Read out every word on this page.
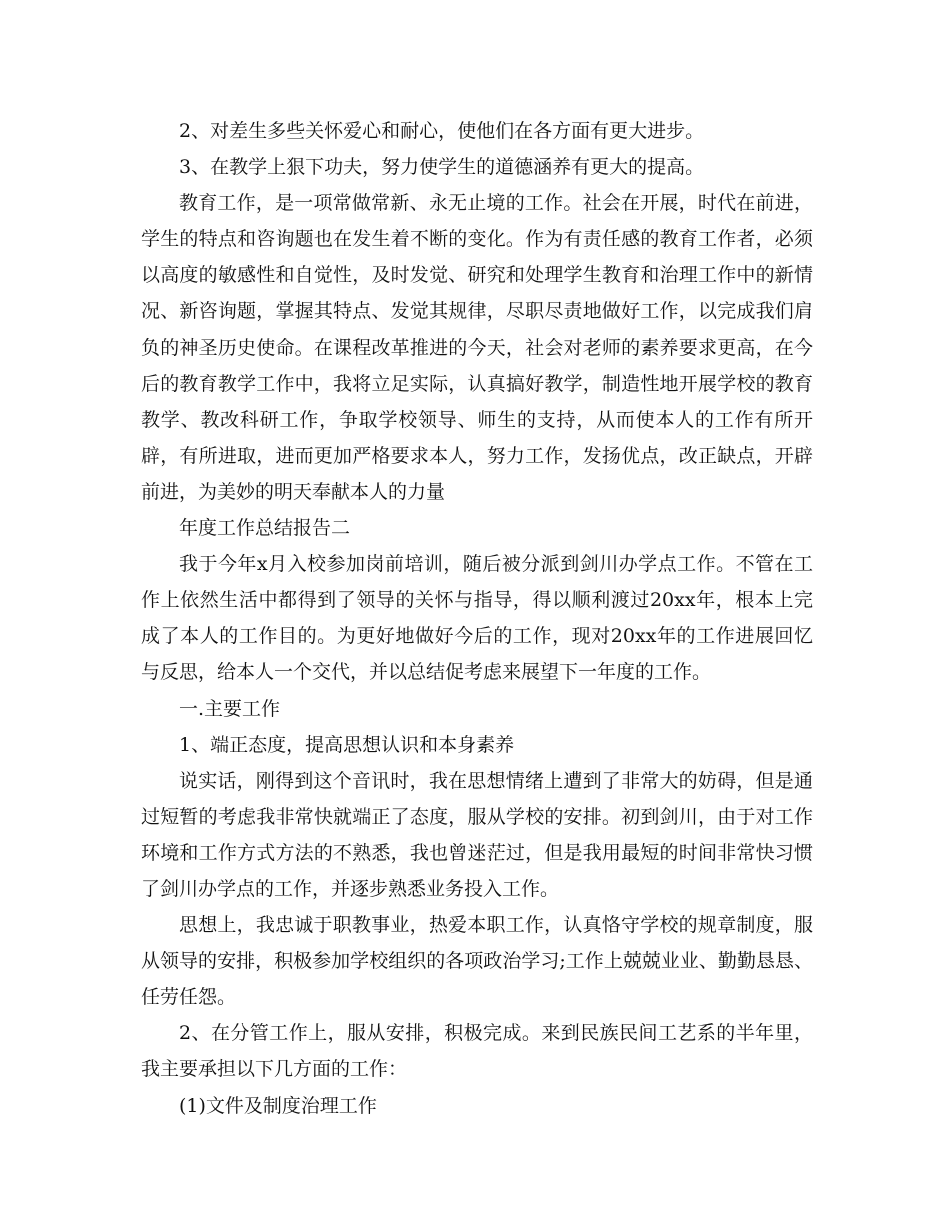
2、对差生多些关怀爱心和耐心，使他们在各方面有更大进步。

3、在教学上狠下功夫，努力使学生的道德涵养有更大的提高。

教育工作，是一项常做常新、永无止境的工作。社会在开展，时代在前进，学生的特点和咨询题也在发生着不断的变化。作为有责任感的教育工作者，必须以高度的敏感性和自觉性，及时发觉、研究和处理学生教育和治理工作中的新情况、新咨询题，掌握其特点、发觉其规律，尽职尽责地做好工作，以完成我们肩负的神圣历史使命。在课程改革推进的今天，社会对老师的素养要求更高，在今后的教育教学工作中，我将立足实际，认真搞好教学，制造性地开展学校的教育教学、教改科研工作，争取学校领导、师生的支持，从而使本人的工作有所开辟，有所进取，进而更加严格要求本人，努力工作，发扬优点，改正缺点，开辟前进，为美妙的明天奉献本人的力量

年度工作总结报告二

我于今年x月入校参加岗前培训，随后被分派到剑川办学点工作。不管在工作上依然生活中都得到了领导的关怀与指导，得以顺利渡过20xx年，根本上完成了本人的工作目的。为更好地做好今后的工作，现对20xx年的工作进展回忆与反思，给本人一个交代，并以总结促考虑来展望下一年度的工作。

一.主要工作

1、端正态度，提高思想认识和本身素养

说实话，刚得到这个音讯时，我在思想情绪上遭到了非常大的妨碍，但是通过短暂的考虑我非常快就端正了态度，服从学校的安排。初到剑川，由于对工作环境和工作方式方法的不熟悉，我也曾迷茫过，但是我用最短的时间非常快习惯了剑川办学点的工作，并逐步熟悉业务投入工作。

思想上，我忠诚于职教事业，热爱本职工作，认真恪守学校的规章制度，服从领导的安排，积极参加学校组织的各项政治学习;工作上兢兢业业、勤勤恳恳、任劳任怨。

2、在分管工作上，服从安排，积极完成。来到民族民间工艺系的半年里，我主要承担以下几方面的工作：

(1)文件及制度治理工作
